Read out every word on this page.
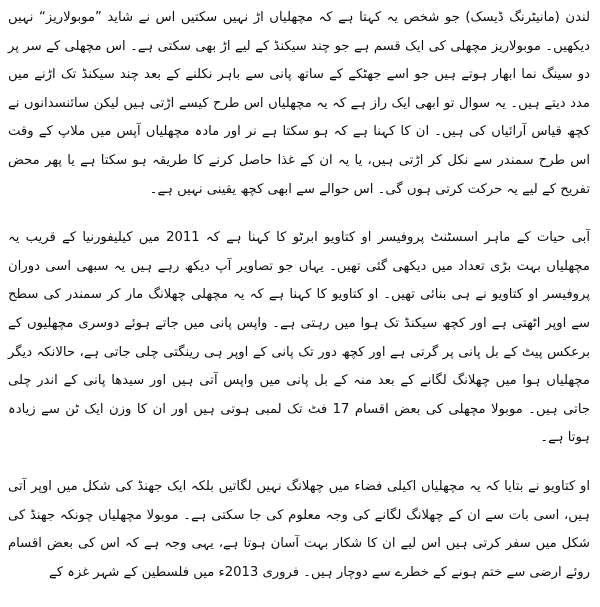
لندن (مانیٹرنگ ڈیسک) جو شخص یہ کہتا ہے کہ مچھلیاں اڑ نہیں سکتیں اس نے شاید ”موبولاریز“ نہیں دیکھیں۔ موبولاریز مچھلی کی ایک قسم ہے جو چند سیکنڈ کے لیے اڑ بھی سکتی ہے۔ اس مچھلی کے سر پر دو سینگ نما ابھار ہوتے ہیں جو اسے جھٹکے کے ساتھ پانی سے باہر نکلنے کے بعد چند سیکنڈ تک اڑنے میں مدد دیتے ہیں۔ یہ سوال تو ابھی ایک راز ہے کہ یہ مچھلیاں اس طرح کیسے اڑتی ہیں لیکن سائنسدانوں نے کچھ قیاس آرائیاں کی ہیں۔ ان کا کہنا ہے کہ ہو سکتا ہے نر اور مادہ مچھلیاں آپس میں ملاپ کے وقت اس طرح سمندر سے نکل کر اڑتی ہیں، یا یہ ان کے غذا حاصل کرنے کا طریقہ ہو سکتا ہے یا پھر محض تفریح کے لیے یہ حرکت کرتی ہوں گی۔ اس حوالے سے ابھی کچھ یقینی نہیں ہے۔

آبی حیات کے ماہر اسسٹنٹ پروفیسر او کتاویو ابرٹو کا کہنا ہے کہ 2011 میں کیلیفورنیا کے قریب یہ مچھلیاں بہت بڑی تعداد میں دیکھی گئی تھیں۔ یہاں جو تصاویر آپ دیکھ رہے ہیں یہ سبھی اسی دوران پروفیسر او کتاویو نے ہی بنائی تھیں۔ او کتاویو کا کہنا ہے کہ یہ مچھلی چھلانگ مار کر سمندر کی سطح سے اوپر اٹھتی ہے اور کچھ سیکنڈ تک ہوا میں رہتی ہے۔ واپس پانی میں جاتے ہوئے دوسری مچھلیوں کے برعکس پیٹ کے بل پانی پر گرتی ہے اور کچھ دور تک پانی کے اوپر ہی رینگتی چلی جاتی ہے، حالانکہ دیگر مچھلیاں ہوا میں چھلانگ لگانے کے بعد منہ کے بل پانی میں واپس آتی ہیں اور سیدھا پانی کے اندر چلی جاتی ہیں۔ موبولا مچھلی کی بعض اقسام 17 فٹ تک لمبی ہوتی ہیں اور ان کا وزن ایک ٹن سے زیادہ ہوتا ہے۔

او کتاویو نے بتایا کہ یہ مچھلیاں اکیلی فضاء میں چھلانگ نہیں لگاتیں بلکہ ایک جھنڈ کی شکل میں اوپر آتی ہیں، اسی بات سے ان کے چھلانگ لگانے کی وجہ معلوم کی جا سکتی ہے۔ موبولا مچھلیاں چونکہ جھنڈ کی شکل میں سفر کرتی ہیں اس لیے ان کا شکار بہت آسان ہوتا ہے، یہی وجہ ہے کہ اس کی بعض اقسام روئے ارضی سے ختم ہونے کے خطرے سے دوچار ہیں۔ فروری 2013ء میں فلسطین کے شہر غزہ کے
